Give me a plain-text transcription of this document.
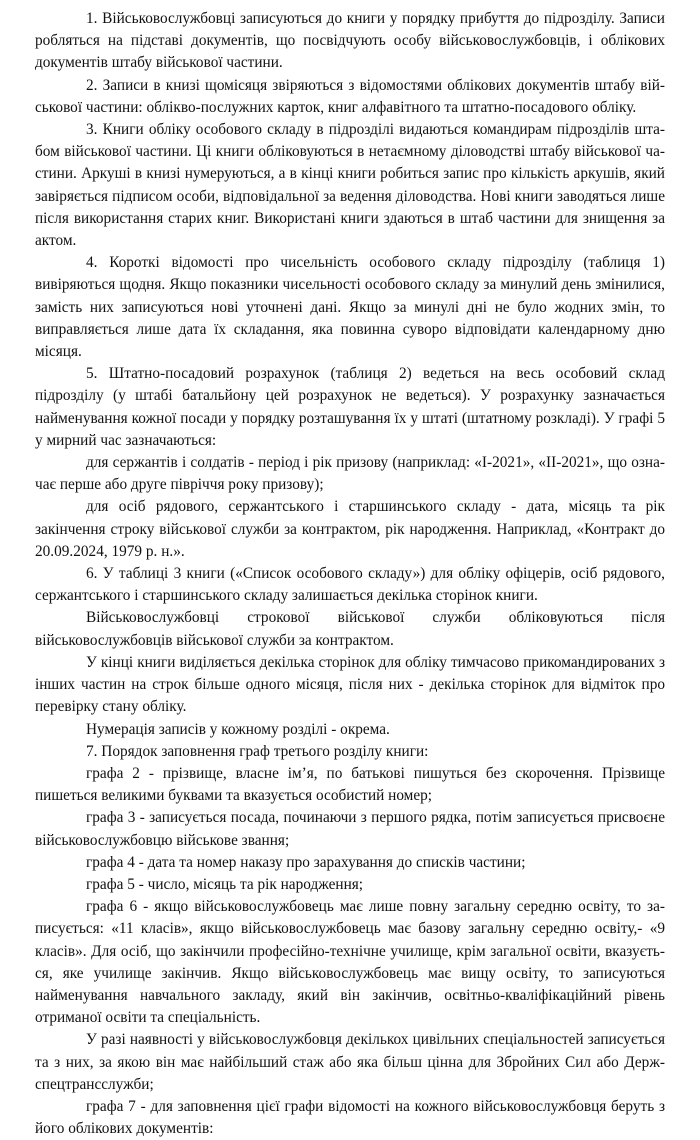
1. Військовослужбовці записуються до книги у порядку прибуття до підрозділу. Записи робляться на підставі документів, що посвідчують особу військовослужбовців, і облікових документів штабу військової частини.

2. Записи в книзі щомісяця звіряються з відомостями облікових документів штабу військової частини: облікво-послужних карток, книг алфавітного та штатно-посадового обліку.

3. Книги обліку особового складу в підрозділі видаються командирам підрозділів штабом військової частини. Ці книги обліковуються в нетаємному діловодстві штабу військової частини. Аркуші в книзі нумеруються, а в кінці книги робиться запис про кількість аркушів, який завіряється підписом особи, відповідальної за ведення діловодства. Нові книги заводяться лише після використання старих книг. Використані книги здаються в штаб частини для знищення за актом.

4. Короткі відомості про чисельність особового складу підрозділу (таблиця 1) вивіряються щодня. Якщо показники чисельності особового складу за минулий день змінилися, замість них записуються нові уточнені дані. Якщо за минулі дні не було жодних змін, то виправляється лише дата їх складання, яка повинна суворо відповідати календарному дню місяця.

5. Штатно-посадовий розрахунок (таблиця 2) ведеться на весь особовий склад підрозділу (у штабі батальйону цей розрахунок не ведеться). У розрахунку зазначається найменування кожної посади у порядку розташування їх у штаті (штатному розкладі). У графі 5 у мирний час зазначаються:

для сержантів і солдатів - період і рік призову (наприклад: «І-2021», «ІІ-2021», що означає перше або друге півріччя року призову);

для осіб рядового, сержантського і старшинського складу - дата, місяць та рік закінчення строку військової служби за контрактом, рік народження. Наприклад, «Контракт до 20.09.2024, 1979 р. н.».

6. У таблиці 3 книги («Список особового складу») для обліку офіцерів, осіб рядового, сержантського і старшинського складу залишається декілька сторінок книги.

Військовослужбовці строкової військової служби обліковуються після військовослужбовців військової служби за контрактом.

У кінці книги виділяється декілька сторінок для обліку тимчасово прикомандированих з інших частин на строк більше одного місяця, після них - декілька сторінок для відміток про перевірку стану обліку.

Нумерація записів у кожному розділі - окрема.

7. Порядок заповнення граф третього розділу книги:

графа 2 - прізвище, власне ім’я, по батькові пишуться без скорочення. Прізвище пишеться великими буквами та вказується особистий номер;

графа 3 - записується посада, починаючи з першого рядка, потім записується присвоєне військовослужбовцю військове звання;

графа 4 - дата та номер наказу про зарахування до списків частини;

графа 5 - число, місяць та рік народження;

графа 6 - якщо військовослужбовець має лише повну загальну середню освіту, то записується: «11 класів», якщо військовослужбовець має базову загальну середню освіту,- «9 класів». Для осіб, що закінчили професійно-технічне училище, крім загальної освіти, вказується, яке училище закінчив. Якщо військовослужбовець має вищу освіту, то записуються найменування навчального закладу, який він закінчив, освітньо-кваліфікаційний рівень отриманої освіти та спеціальність.

У разі наявності у військовослужбовця декількох цивільних спеціальностей записується та з них, за якою він має найбільший стаж або яка більш цінна для Збройних Сил або Держспецтрансслужби;

графа 7 - для заповнення цієї графи відомості на кожного військовослужбовця беруть з його облікових документів:
